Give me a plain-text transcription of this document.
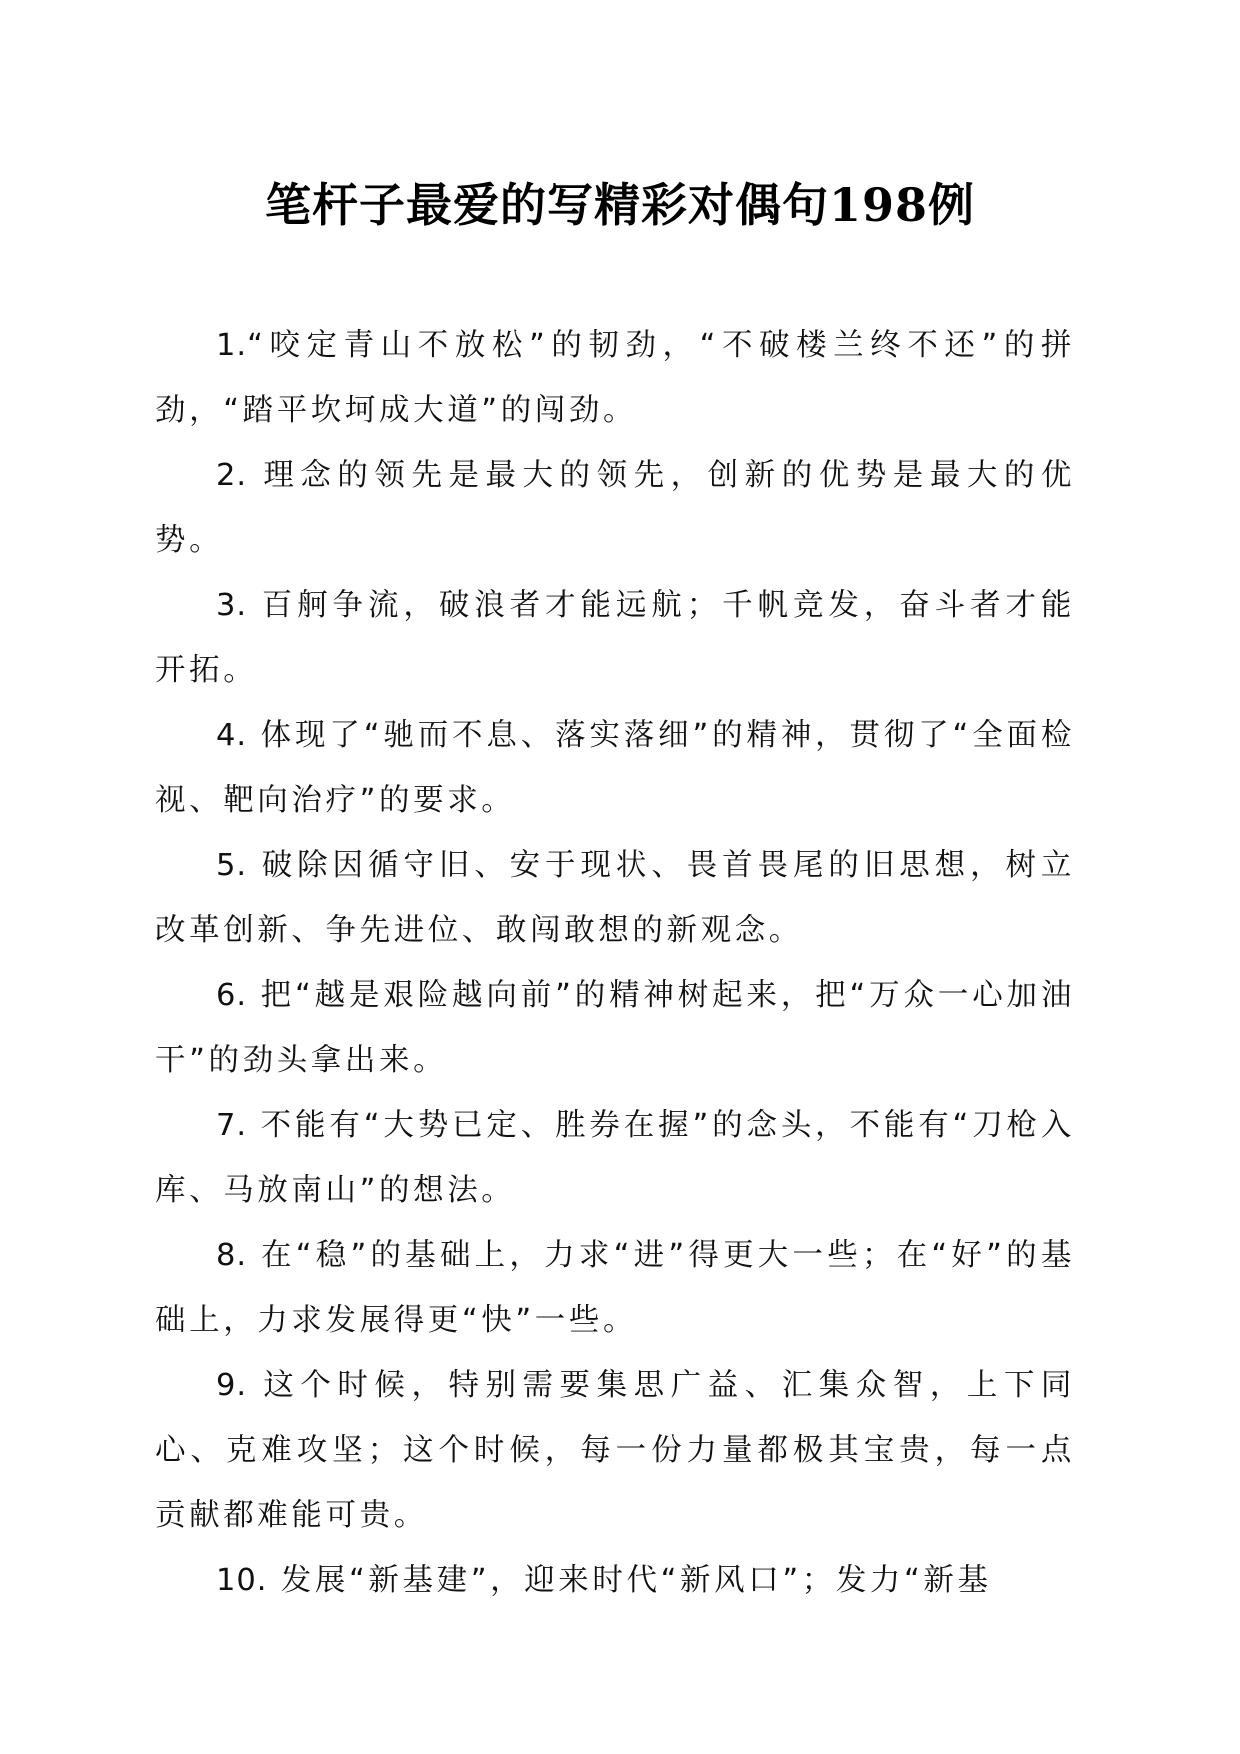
笔杆子最爱的写精彩对偶句198例

1.“咬定青山不放松”的韧劲，“不破楼兰终不还”的拼劲，“踏平坎坷成大道”的闯劲。

2. 理念的领先是最大的领先，创新的优势是最大的优势。

3. 百舸争流，破浪者才能远航；千帆竞发，奋斗者才能开拓。

4. 体现了“驰而不息、落实落细”的精神，贯彻了“全面检视、靶向治疗”的要求。

5. 破除因循守旧、安于现状、畏首畏尾的旧思想，树立改革创新、争先进位、敢闯敢想的新观念。

6. 把“越是艰险越向前”的精神树起来，把“万众一心加油干”的劲头拿出来。

7. 不能有“大势已定、胜券在握”的念头，不能有“刀枪入库、马放南山”的想法。

8. 在“稳”的基础上，力求“进”得更大一些；在“好”的基础上，力求发展得更“快”一些。

9. 这个时候，特别需要集思广益、汇集众智，上下同心、克难攻坚；这个时候，每一份力量都极其宝贵，每一点贡献都难能可贵。

10. 发展“新基建”，迎来时代“新风口”；发力“新基
